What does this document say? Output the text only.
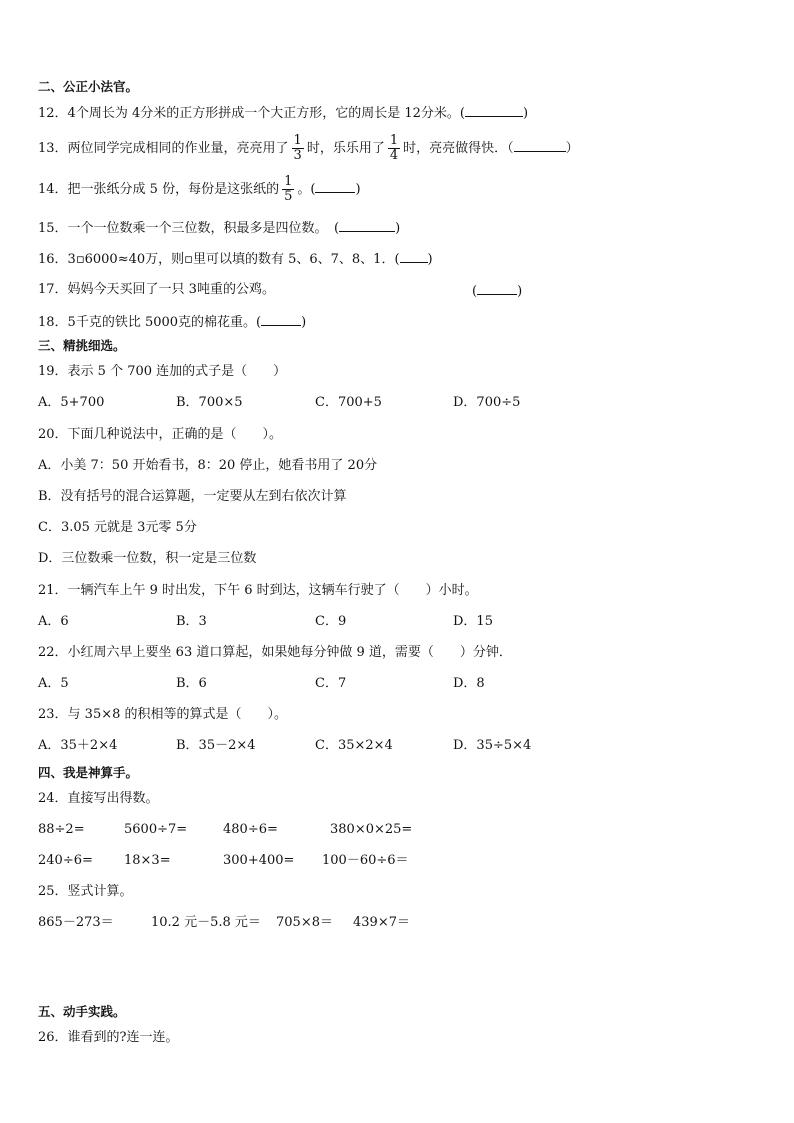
二、公正小法官。
12．4个周长为 4分米的正方形拼成一个大正方形，它的周长是 12分米。(	)
13．两位同学完成相同的作业量，亮亮用了 $\frac{1}{3}$ 时，乐乐用了 $\frac{1}{4}$ 时，亮亮做得快．（	）
14．把一张纸分成 5 份，每份是这张纸的 $\frac{1}{5}$ 。(	)
15．一个一位数乘一个三位数，积最多是四位数。　(	)
16．3▫6000≈40万，则▫里可以填的数有 5、6、7、8、1．( )
17．妈妈今天买回了一只 3吨重的公鸡。	(	)
18．5千克的铁比 5000克的棉花重。(	)
三、精挑细选。
19．表示 5 个 700 连加的式子是（　　）
A．5+700	B．700×5	C．700+5	D．700÷5
20．下面几种说法中，正确的是（　　）。
A．小美 7：50 开始看书，8：20 停止，她看书用了 20分
B．没有括号的混合运算题，一定要从左到右依次计算
C．3.05 元就是 3元零 5分
D．三位数乘一位数，积一定是三位数
21．一辆汽车上午 9 时出发，下午 6 时到达，这辆车行驶了（　　）小时。
A．6	B．3	C．9	D．15
22．小红周六早上要坐 63 道口算起，如果她每分钟做 9 道，需要（　　）分钟．
A．5	B．6	C．7	D．8
23．与 35×8 的积相等的算式是（　　）。
A．35＋2×4	B．35－2×4	C．35×2×4	D．35÷5×4
四、我是神算手。
24．直接写出得数。
88÷2=	5600÷7=	480÷6=	380×0×25=
240÷6= 18×3=	300+400= 100－60÷6＝
25．竖式计算。
865－273＝	10.2 元－5.8 元＝ 705×8＝ 439×7＝
五、动手实践。
26．谁看到的?连一连。
